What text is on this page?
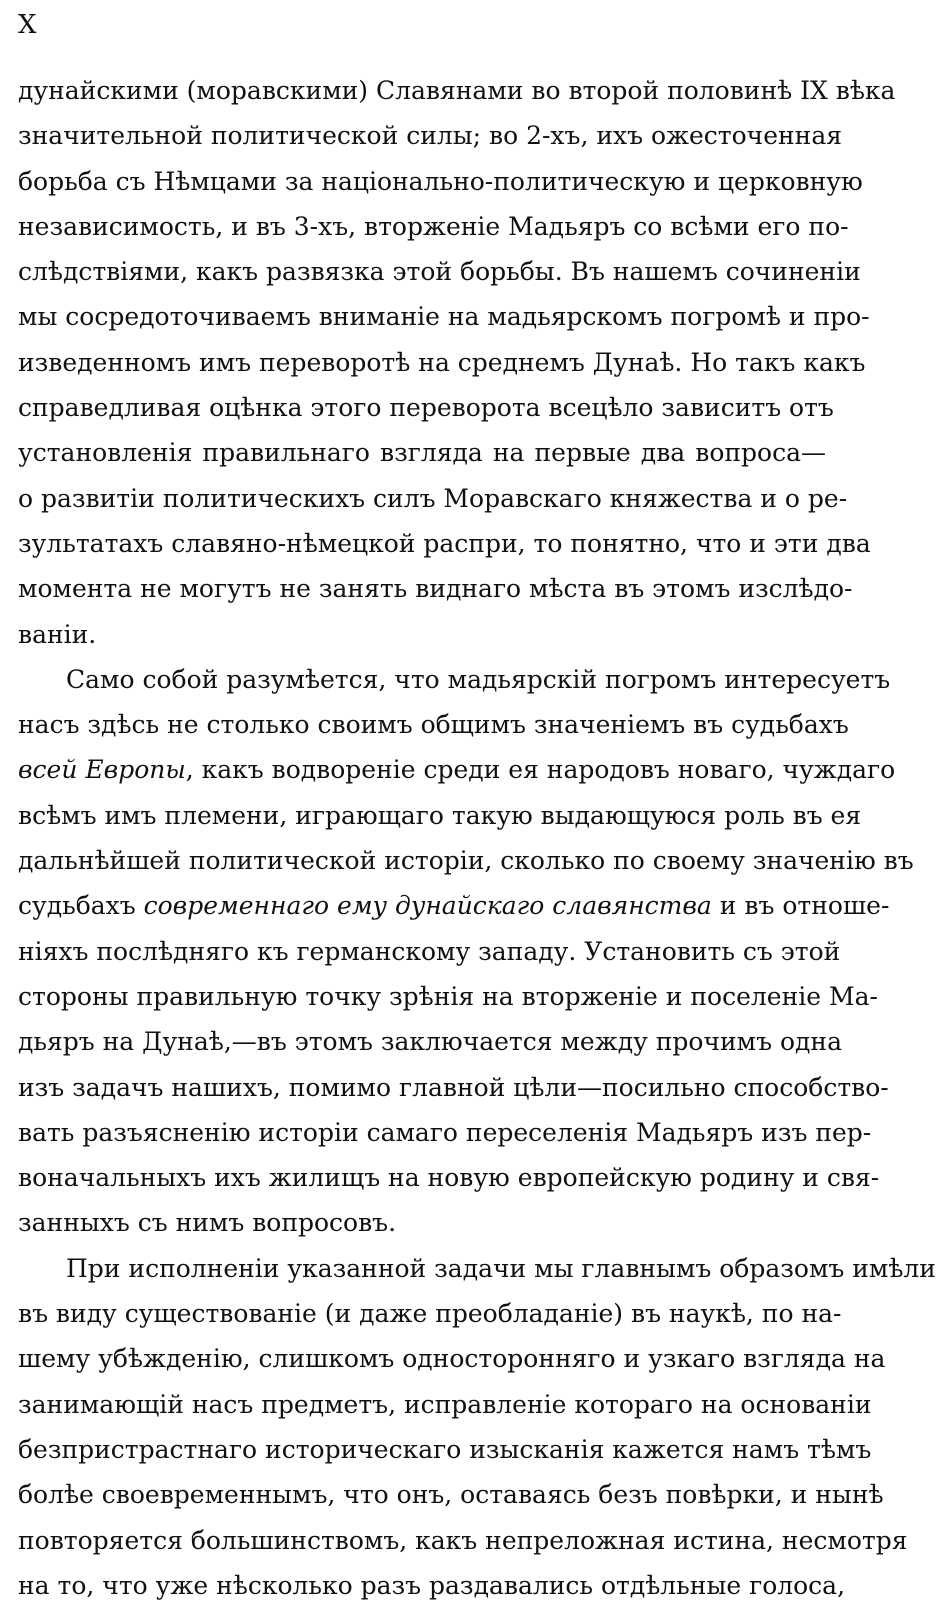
X
дунайскими (моравскими) Славянами во второй половинѣ IX вѣка
значительной политической силы; во 2-хъ, ихъ ожесточенная
борьба съ Нѣмцами за національно-политическую и церковную
независимость, и въ 3-хъ, вторженіе Мадьяръ со всѣми его по-
слѣдствіями, какъ развязка этой борьбы. Въ нашемъ сочиненіи
мы сосредоточиваемъ вниманіе на мадьярскомъ погромѣ и про-
изведенномъ имъ переворотѣ на среднемъ Дунаѣ. Но такъ какъ
справедливая оцѣнка этого переворота всецѣло зависитъ отъ
установленія правильнаго взгляда на первые два вопроса—
о развитіи политическихъ силъ Моравскаго княжества и о ре-
зультатахъ славяно-нѣмецкой распри, то понятно, что и эти два
момента не могутъ не занять виднаго мѣста въ этомъ изслѣдо-
ваніи.
Само собой разумѣется, что мадьярскій погромъ интересуетъ
насъ здѣсь не столько своимъ общимъ значеніемъ въ судьбахъ
всей Европы, какъ водвореніе среди ея народовъ новаго, чуждаго
всѣмъ имъ племени, играющаго такую выдающуюся роль въ ея
дальнѣйшей политической исторіи, сколько по своему значенію въ
судьбахъ современнаго ему дунайскаго славянства и въ отноше-
ніяхъ послѣдняго къ германскому западу. Установить съ этой
стороны правильную точку зрѣнія на вторженіе и поселеніе Ма-
дьяръ на Дунаѣ,—въ этомъ заключается между прочимъ одна
изъ задачъ нашихъ, помимо главной цѣли—посильно способство-
вать разъясненію исторіи самаго переселенія Мадьяръ изъ пер-
воначальныхъ ихъ жилищъ на новую европейскую родину и свя-
занныхъ съ нимъ вопросовъ.
При исполненіи указанной задачи мы главнымъ образомъ имѣли
въ виду существованіе (и даже преобладаніе) въ наукѣ, по на-
шему убѣжденію, слишкомъ односторонняго и узкаго взгляда на
занимающій насъ предметъ, исправленіе котораго на основаніи
безпристрастнаго историческаго изысканія кажется намъ тѣмъ
болѣе своевременнымъ, что онъ, оставаясь безъ повѣрки, и нынѣ
повторяется большинствомъ, какъ непреложная истина, несмотря
на то, что уже нѣсколько разъ раздавались отдѣльные голоса,
